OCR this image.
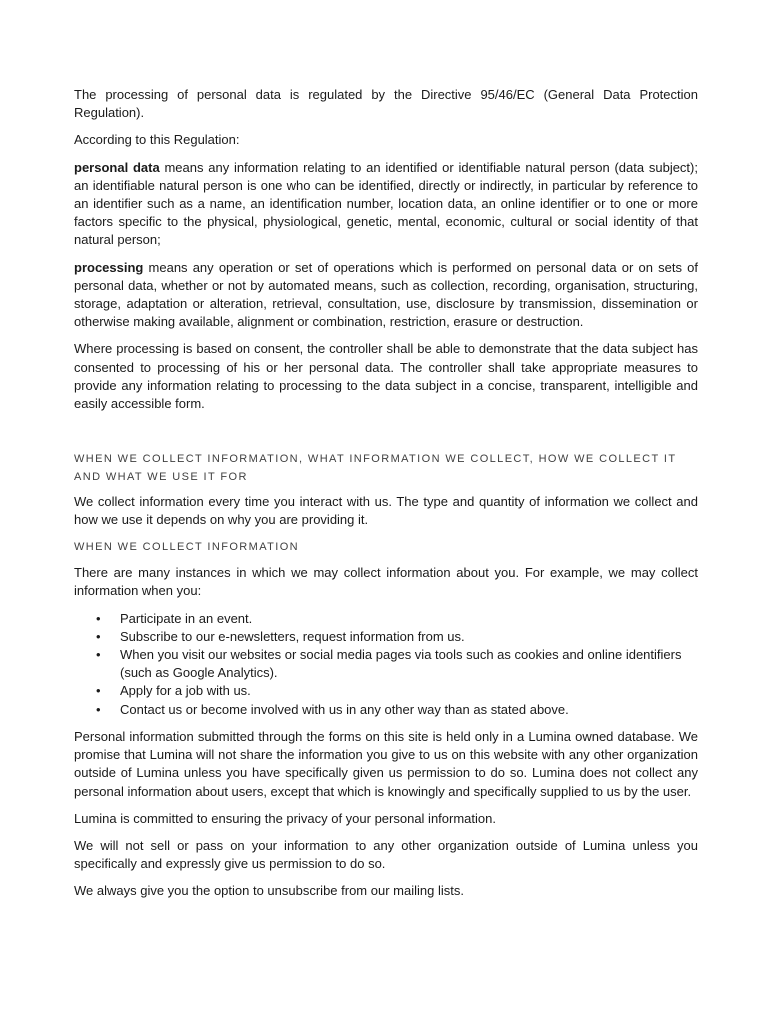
The processing of personal data is regulated by the Directive 95/46/EC (General Data Protection Regulation).

According to this Regulation:

personal data means any information relating to an identified or identifiable natural person (data subject); an identifiable natural person is one who can be identified, directly or indirectly, in particular by reference to an identifier such as a name, an identification number, location data, an online identifier or to one or more factors specific to the physical, physiological, genetic, mental, economic, cultural or social identity of that natural person;

processing means any operation or set of operations which is performed on personal data or on sets of personal data, whether or not by automated means, such as collection, recording, organisation, structuring, storage, adaptation or alteration, retrieval, consultation, use, disclosure by transmission, dissemination or otherwise making available, alignment or combination, restriction, erasure or destruction.

Where processing is based on consent, the controller shall be able to demonstrate that the data subject has consented to processing of his or her personal data. The controller shall take appropriate measures to provide any information relating to processing to the data subject in a concise, transparent, intelligible and easily accessible form.

WHEN WE COLLECT INFORMATION, WHAT INFORMATION WE COLLECT, HOW WE COLLECT IT AND WHAT WE USE IT FOR

We collect information every time you interact with us. The type and quantity of information we collect and how we use it depends on why you are providing it.

WHEN WE COLLECT INFORMATION

There are many instances in which we may collect information about you. For example, we may collect information when you:

• Participate in an event.
• Subscribe to our e-newsletters, request information from us.
• When you visit our websites or social media pages via tools such as cookies and online identifiers (such as Google Analytics).
• Apply for a job with us.
• Contact us or become involved with us in any other way than as stated above.

Personal information submitted through the forms on this site is held only in a Lumina owned database. We promise that Lumina will not share the information you give to us on this website with any other organization outside of Lumina unless you have specifically given us permission to do so. Lumina does not collect any personal information about users, except that which is knowingly and specifically supplied to us by the user.

Lumina is committed to ensuring the privacy of your personal information.

We will not sell or pass on your information to any other organization outside of Lumina unless you specifically and expressly give us permission to do so.

We always give you the option to unsubscribe from our mailing lists.
